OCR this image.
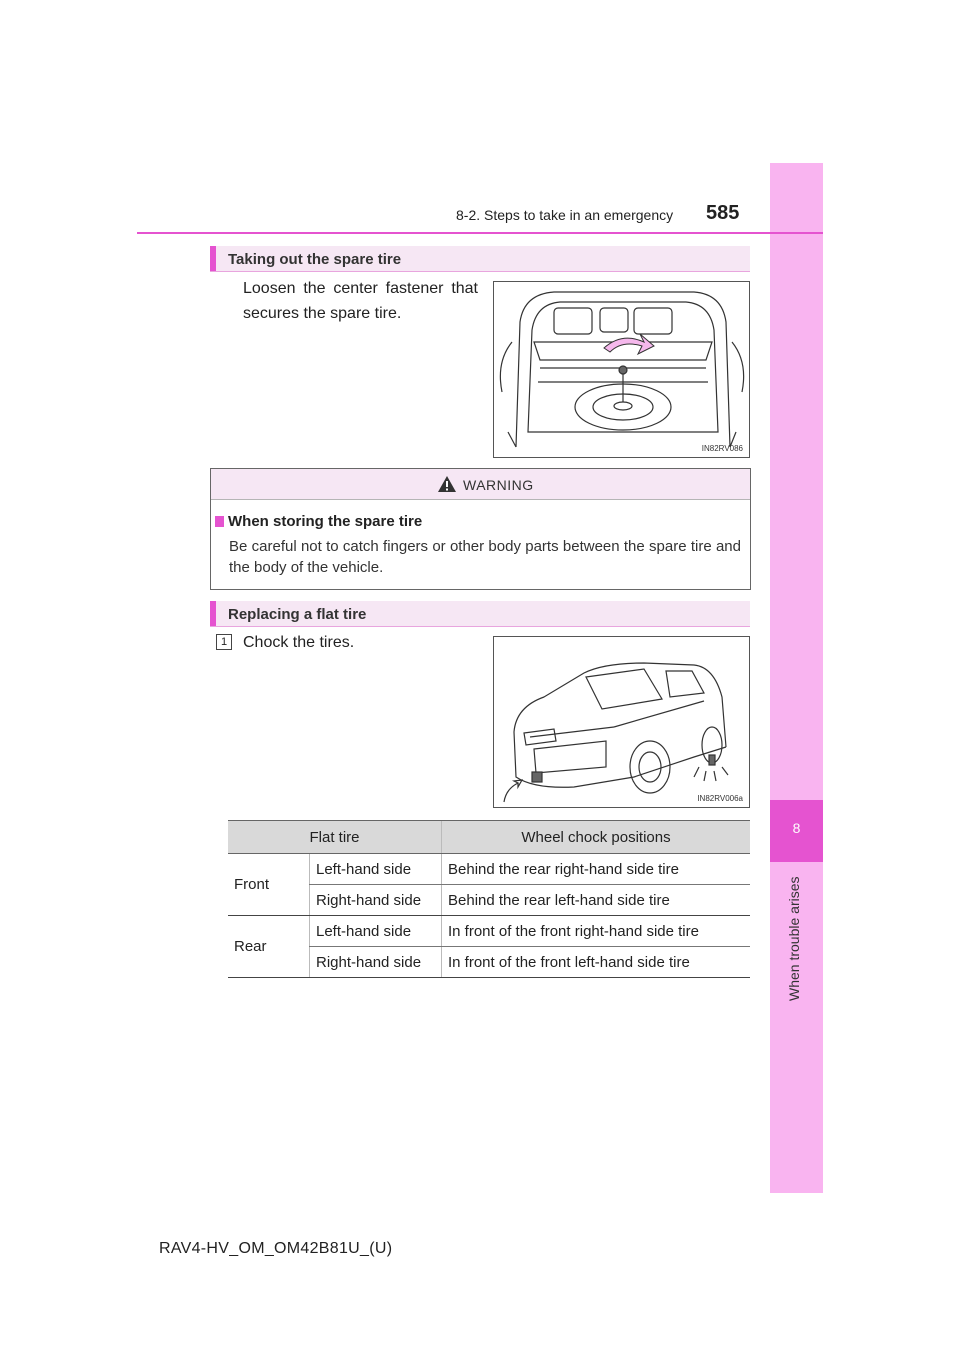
8
When trouble arises
8-2. Steps to take in an emergency 585
Taking out the spare tire
Loosen the center fastener that secures the spare tire.
IN82RV086
WARNING
When storing the spare tire
Be careful not to catch fingers or other body parts between the spare tire and the body of the vehicle.
Replacing a flat tire
1 Chock the tires.
IN82RV006a
Flat tire		Wheel chock positions
Front	Left-hand side	Behind the rear right-hand side tire
	Right-hand side	Behind the rear left-hand side tire
Rear	Left-hand side	In front of the front right-hand side tire
	Right-hand side	In front of the front left-hand side tire
RAV4-HV_OM_OM42B81U_(U)
